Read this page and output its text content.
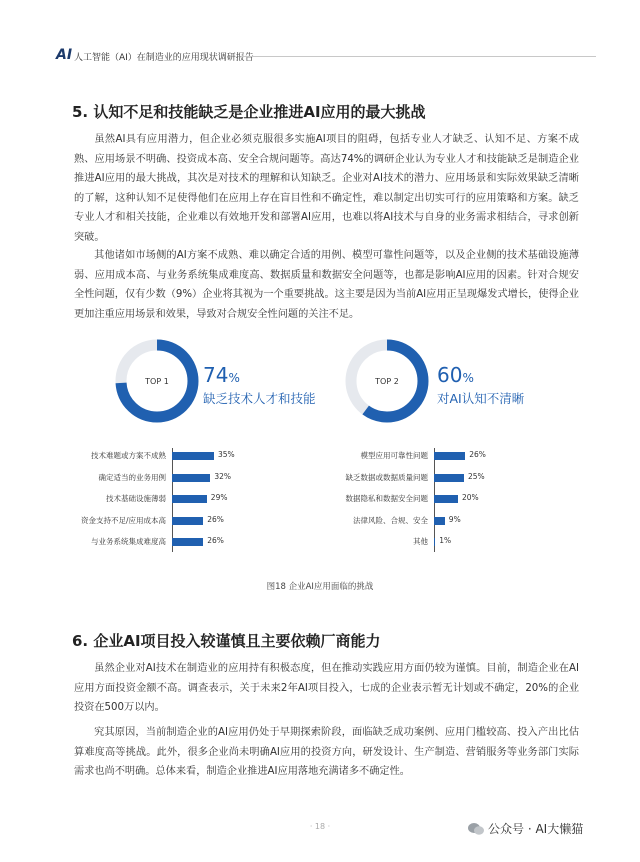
AI 人工智能（AI）在制造业的应用现状调研报告
5. 认知不足和技能缺乏是企业推进AI应用的最大挑战

虽然AI具有应用潜力，但企业必须克服很多实施AI项目的阻碍，包括专业人才缺乏、认知不足、方案不成熟、应用场景不明确、投资成本高、安全合规问题等。高达74%的调研企业认为专业人才和技能缺乏是制造企业推进AI应用的最大挑战，其次是对技术的理解和认知缺乏。企业对AI技术的潜力、应用场景和实际效果缺乏清晰的了解，这种认知不足使得他们在应用上存在盲目性和不确定性，难以制定出切实可行的应用策略和方案。缺乏专业人才和相关技能，企业难以有效地开发和部署AI应用，也难以将AI技术与自身的业务需求相结合，寻求创新突破。

其他诸如市场侧的AI方案不成熟、难以确定合适的用例、模型可靠性问题等，以及企业侧的技术基础设施薄弱、应用成本高、与业务系统集成难度高、数据质量和数据安全问题等，也都是影响AI应用的因素。针对合规安全性问题，仅有少数（9%）企业将其视为一个重要挑战。这主要是因为当前AI应用正呈现爆发式增长，使得企业更加注重应用场景和效果，导致对合规安全性问题的关注不足。

TOP 1 74%
缺乏技术人才和技能
TOP 2 60%
对AI认知不清晰
技术难题或方案不成熟	35%
确定适当的业务用例	32%
技术基础设施薄弱	29%
资金支持不足/应用成本高	26%
与业务系统集成难度高	26%
模型应用可靠性问题	26%
缺乏数据或数据质量问题	25%
数据隐私和数据安全问题	20%
法律风险、合规、安全	9%
其他 1%
图18 企业AI应用面临的挑战
6. 企业AI项目投入较谨慎且主要依赖厂商能力

虽然企业对AI技术在制造业的应用持有积极态度，但在推动实践应用方面仍较为谨慎。目前，制造企业在AI应用方面投资金额不高。调查表示，关于未来2年AI项目投入，七成的企业表示暂无计划或不确定，20%的企业投资在500万以内。

究其原因，当前制造企业的AI应用仍处于早期探索阶段，面临缺乏成功案例、应用门槛较高、投入产出比估算难度高等挑战。此外，很多企业尚未明确AI应用的投资方向，研发设计、生产制造、营销服务等业务部门实际需求也尚不明确。总体来看，制造企业推进AI应用落地充满诸多不确定性。

· 18 ·	公众号 · AI大懒猫
